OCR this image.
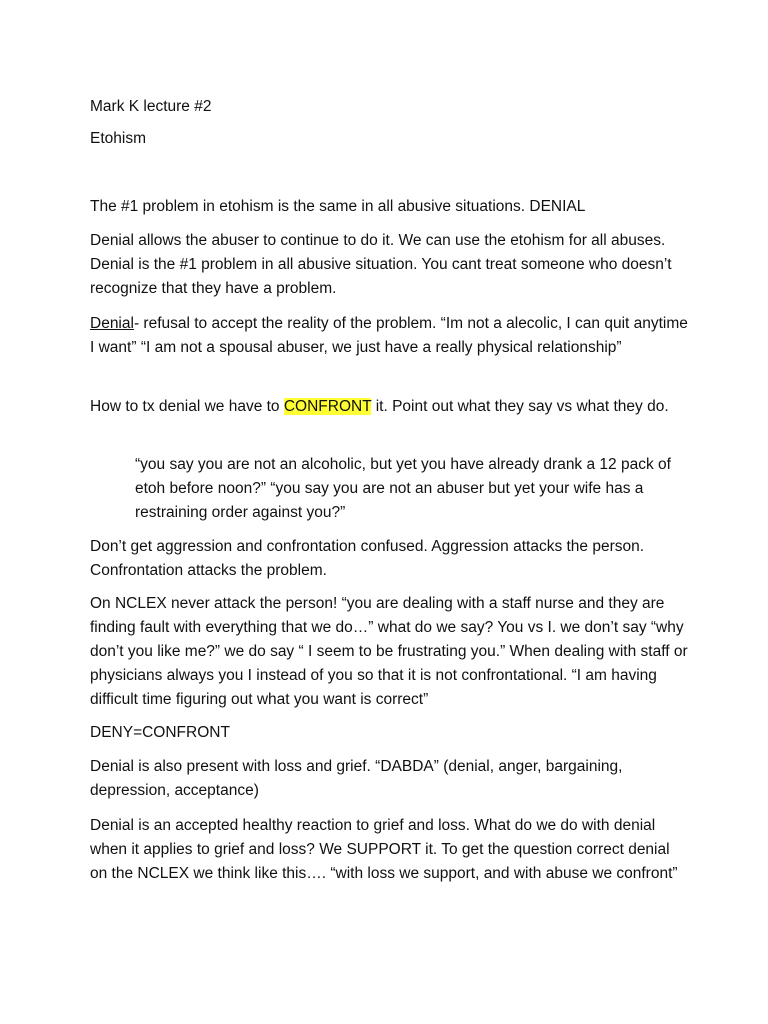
Mark K lecture #2
Etohism

The #1 problem in etohism is the same in all abusive situations. DENIAL

Denial allows the abuser to continue to do it. We can use the etohism for all abuses. Denial is the #1 problem in all abusive situation. You cant treat someone who doesn’t recognize that they have a problem.

Denial- refusal to accept the reality of the problem. “Im not a alecolic, I can quit anytime I want” “I am not a spousal abuser, we just have a really physical relationship”

How to tx denial we have to CONFRONT it. Point out what they say vs what they do.

“you say you are not an alcoholic, but yet you have already drank a 12 pack of etoh before noon?” “you say you are not an abuser but yet your wife has a restraining order against you?”

Don’t get aggression and confrontation confused. Aggression attacks the person. Confrontation attacks the problem.

On NCLEX never attack the person! “you are dealing with a staff nurse and they are finding fault with everything that we do…” what do we say? You vs I. we don’t say “why don’t you like me?” we do say “ I seem to be frustrating you.” When dealing with staff or physicians always you I instead of you so that it is not confrontational. “I am having difficult time figuring out what you want is correct”

DENY=CONFRONT

Denial is also present with loss and grief. “DABDA” (denial, anger, bargaining, depression, acceptance)

Denial is an accepted healthy reaction to grief and loss. What do we do with denial when it applies to grief and loss? We SUPPORT it. To get the question correct denial on the NCLEX we think like this…. “with loss we support, and with abuse we confront”
